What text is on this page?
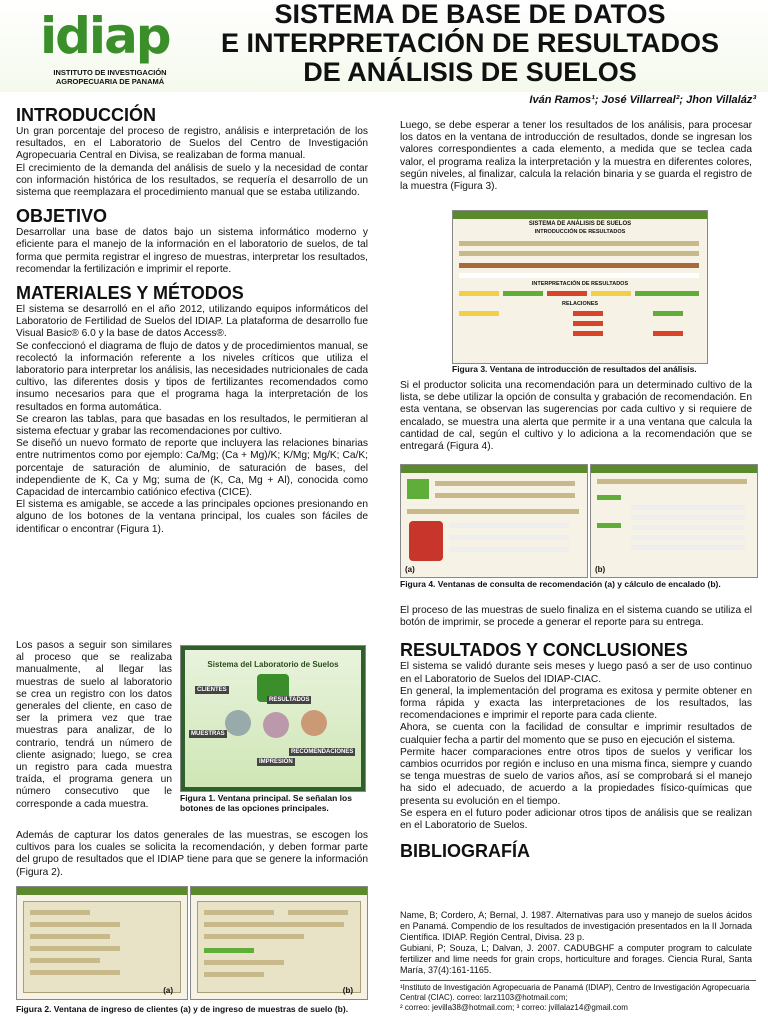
idiap
INSTITUTO DE INVESTIGACIÓN AGROPECUARIA DE PANAMÁ
SISTEMA DE BASE DE DATOS
E INTERPRETACIÓN DE RESULTADOS
DE ANÁLISIS DE SUELOS
Iván Ramos¹; José Villarreal²; Jhon Villaláz³
INTRODUCCIÓN

Un gran porcentaje del proceso de registro, análisis e interpretación de los resultados, en el Laboratorio de Suelos del Centro de Investigación Agropecuaria Central en Divisa, se realizaban de forma manual.

El crecimiento de la demanda del análisis de suelo y la necesidad de contar con información histórica de los resultados, se requería el desarrollo de un sistema que reemplazara el procedimiento manual que se estaba utilizando.

OBJETIVO

Desarrollar una base de datos bajo un sistema informático moderno y eficiente para el manejo de la información en el laboratorio de suelos, de tal forma que permita registrar el ingreso de muestras, interpretar los resultados, recomendar la fertilización e imprimir el reporte.

MATERIALES Y MÉTODOS

El sistema se desarrolló en el año 2012, utilizando equipos informáticos del Laboratorio de Fertilidad de Suelos del IDIAP. La plataforma de desarrollo fue Visual Basic® 6.0 y la base de datos Access®.

Se confeccionó el diagrama de flujo de datos y de procedimientos manual, se recolectó la información referente a los niveles críticos que utiliza el laboratorio para interpretar los análisis, las necesidades nutricionales de cada cultivo, las diferentes dosis y tipos de fertilizantes recomendados como insumo necesarios para que el programa haga la interpretación de los resultados en forma automática.

Se crearon las tablas, para que basadas en los resultados, le permitieran al sistema efectuar y grabar las recomendaciones por cultivo.

Se diseñó un nuevo formato de reporte que incluyera las relaciones binarias entre nutrimentos como por ejemplo: Ca/Mg; (Ca + Mg)/K; K/Mg; Mg/K; Ca/K; porcentaje de saturación de aluminio, de saturación de bases, del independiente de K, Ca y Mg; suma de (K, Ca, Mg + Al), conocida como Capacidad de intercambio catiónico efectiva (CICE).

El sistema es amigable, se accede a las principales opciones presionando en alguno de los botones de la ventana principal, los cuales son fáciles de identificar o encontrar (Figura 1).

Los pasos a seguir son similares al proceso que se realizaba manualmente, al llegar las muestras de suelo al laboratorio se crea un registro con los datos generales del cliente, en caso de ser la primera vez que trae muestras para analizar, de lo contrario, tendrá un número de cliente asignado; luego, se crea un registro para cada muestra traída, el programa genera un número consecutivo que le corresponde a cada muestra.
Sistema del Laboratorio de Suelos
CLIENTES
RESULTADOS
MUESTRAS
RECOMENDACIONES
IMPRESIÓN
Figura 1. Ventana principal. Se señalan los botones de las opciones principales.
Además de capturar los datos generales de las muestras, se escogen los cultivos para los cuales se solicita la recomendación, y deben formar parte del grupo de resultados que el IDIAP tiene para que se genere la información (Figura 2).
(a)	(b)
Figura 2. Ventana de ingreso de clientes (a) y de ingreso de muestras de suelo (b).
Luego, se debe esperar a tener los resultados de los análisis, para procesar los datos en la ventana de introducción de resultados, donde se ingresan los valores correspondientes a cada elemento, a medida que se teclea cada valor, el programa realiza la interpretación y la muestra en diferentes colores, según niveles, al finalizar, calcula la relación binaria y se guarda el registro de la muestra (Figura 3).
SISTEMA DE ANÁLISIS DE SUELOS
INTRODUCCIÓN DE RESULTADOS
INTERPRETACIÓN DE RESULTADOS
RELACIONES
Figura 3. Ventana de introducción de resultados del análisis.
Si el productor solicita una recomendación para un determinado cultivo de la lista, se debe utilizar la opción de consulta y grabación de recomendación. En esta ventana, se observan las sugerencias por cada cultivo y si requiere de encalado, se muestra una alerta que permite ir a una ventana que calcula la cantidad de cal, según el cultivo y lo adiciona a la recomendación que se entregará (Figura 4).
(a)	(b)
Figura 4. Ventanas de consulta de recomendación (a) y cálculo de encalado (b).

El proceso de las muestras de suelo finaliza en el sistema cuando se utiliza el botón de imprimir, se procede a generar el reporte para su entrega.

RESULTADOS Y CONCLUSIONES

El sistema se validó durante seis meses y luego pasó a ser de uso continuo en el Laboratorio de Suelos del IDIAP-CIAC.

En general, la implementación del programa es exitosa y permite obtener en forma rápida y exacta las interpretaciones de los resultados, las recomendaciones e imprimir el reporte para cada cliente.

Ahora, se cuenta con la facilidad de consultar e imprimir resultados de cualquier fecha a partir del momento que se puso en ejecución el sistema.

Permite hacer comparaciones entre otros tipos de suelos y verificar los cambios ocurridos por región e incluso en una misma finca, siempre y cuando se tenga muestras de suelo de varios años, así se comprobará si el manejo ha sido el adecuado, de acuerdo a la propiedades físico-químicas que presenta su evolución en el tiempo.

Se espera en el futuro poder adicionar otros tipos de análisis que se realizan en el Laboratorio de Suelos.

BIBLIOGRAFÍA

Name, B; Cordero, A; Bernal, J. 1987. Alternativas para uso y manejo de suelos ácidos en Panamá. Compendio de los resultados de investigación presentados en la II Jornada Científica. IDIAP. Región Central, Divisa. 23 p.

Gubiani, P; Souza, L; Dalvan, J. 2007. CADUBGHF a computer program to calculate fertilizer and lime needs for grain crops, horticulture and forages. Ciencia Rural, Santa María, 37(4):161-1165.

¹Instituto de Investigación Agropecuaria de Panamá (IDIAP), Centro de Investigación Agropecuaria Central (CIAC). correo: larz1103@hotmail.com;
² correo: jevilla38@hotmail.com; ³ correo: jvillalaz14@gmail.com
